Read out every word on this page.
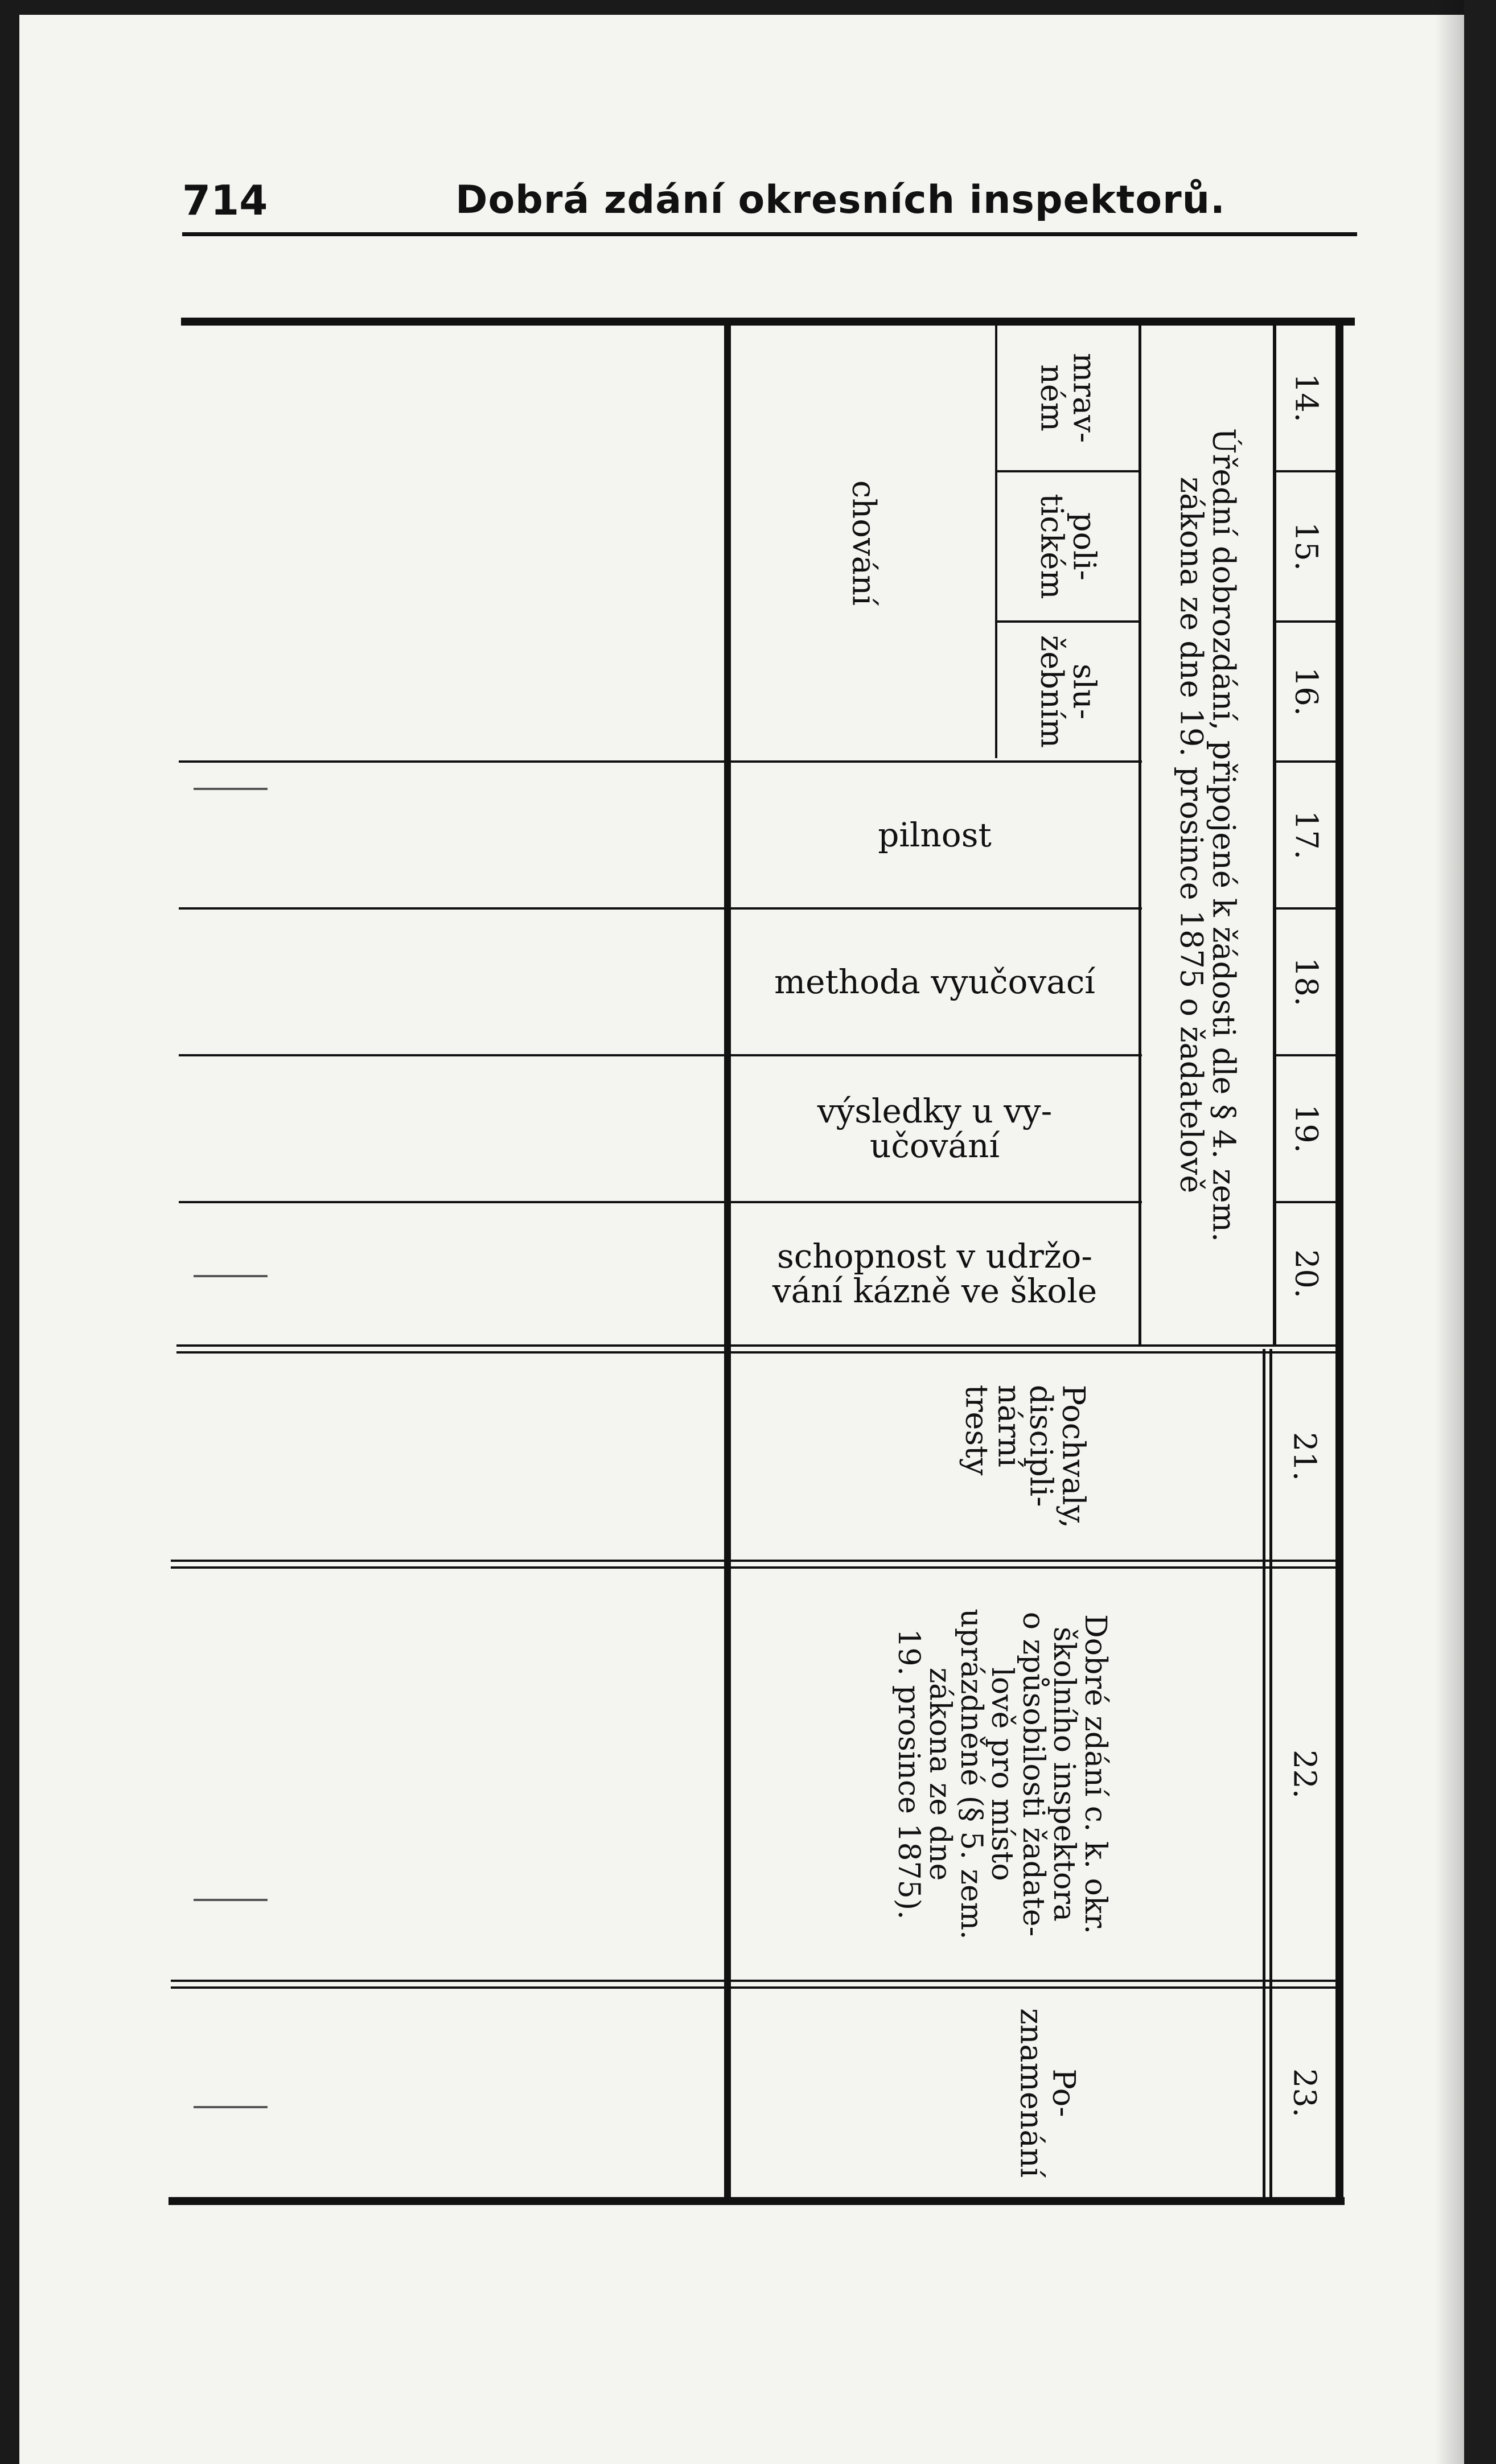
714	Dobrá zdání okresních inspektorů.
14.
15.
16.
17.
18.
19.
20.
21.
22.
23.
Úřední dobrozdání, připojené k žádosti dle § 4. zem.
zákona ze dne 19. prosince 1875 o žadatelově
mrav-
ném
poli-
tickém
slu-
žebním
chování
pilnost
methoda vyučovací
výsledky u vy-
učování
schopnost v udržo-
vání kázně ve škole
Pochvaly,
discipli-
nární
tresty
Dobré zdání c. k. okr.
školního inspektora
o způsobilosti žadate-
lově pro místo
uprázdněné (§ 5. zem.
zákona ze dne
19. prosince 1875).
Po-
znamenání
